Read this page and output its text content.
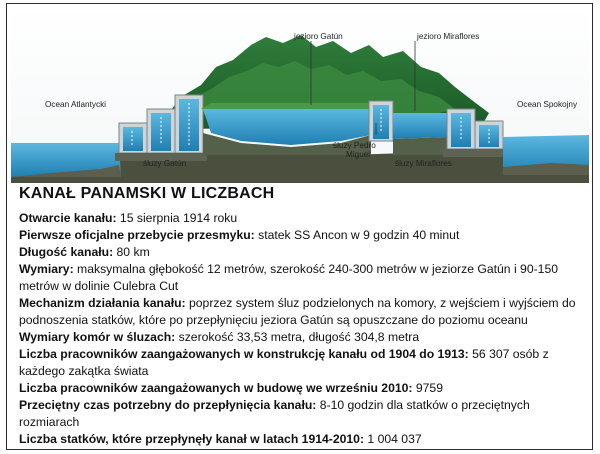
jezioro Gatún	jezioro Miraflores
Ocean Atlantycki	Ocean Spokojny
śluzy Gatún
śluzy Pedro
Miguel
śluzy Miraflores
KANAŁ PANAMSKI W LICZBACH
Otwarcie kanału: 15 sierpnia 1914 roku
Pierwsze oficjalne przebycie przesmyku: statek SS Ancon w 9 godzin 40 minut
Długość kanału: 80 km
Wymiary: maksymalna głębokość 12 metrów, szerokość 240-300 metrów w jeziorze Gatún i 90-150 metrów w dolinie Culebra Cut
Mechanizm działania kanału: poprzez system śluz podzielonych na komory, z wejściem i wyjściem do podnoszenia statków, które po przepłynięciu jeziora Gatún są opuszczane do poziomu oceanu
Wymiary komór w śluzach: szerokość 33,53 metra, długość 304,8 metra
Liczba pracowników zaangażowanych w konstrukcję kanału od 1904 do 1913: 56 307 osób z każdego zakątka świata
Liczba pracowników zaangażowanych w budowę we wrześniu 2010: 9759
Przeciętny czas potrzebny do przepłynięcia kanału: 8-10 godzin dla statków o przeciętnych rozmiarach
Liczba statków, które przepłynęły kanał w latach 1914-2010: 1 004 037
